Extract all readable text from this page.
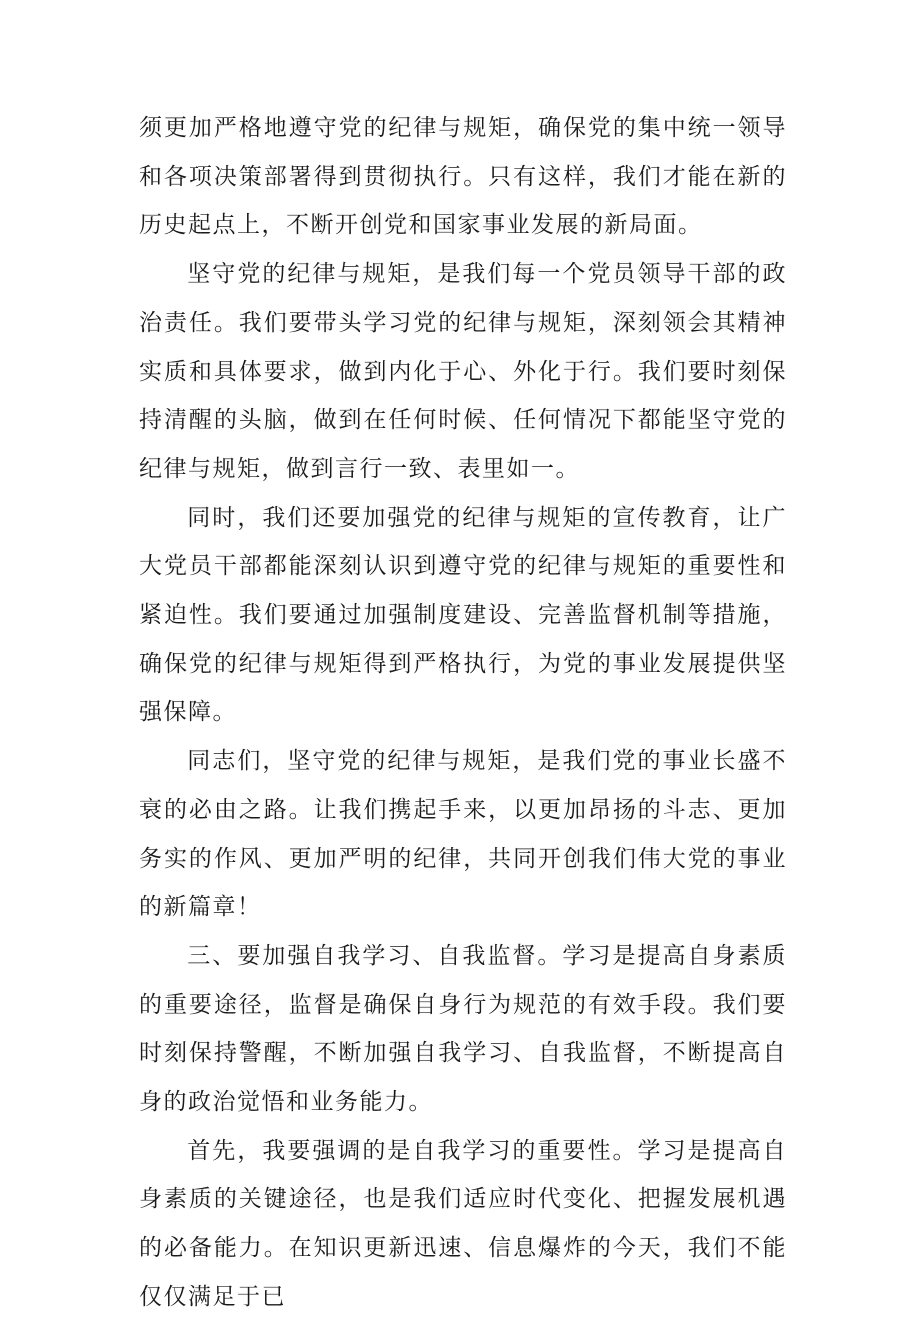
须更加严格地遵守党的纪律与规矩，确保党的集中统一领导和各项决策部署得到贯彻执行。只有这样，我们才能在新的历史起点上，不断开创党和国家事业发展的新局面。

坚守党的纪律与规矩，是我们每一个党员领导干部的政治责任。我们要带头学习党的纪律与规矩，深刻领会其精神实质和具体要求，做到内化于心、外化于行。我们要时刻保持清醒的头脑，做到在任何时候、任何情况下都能坚守党的纪律与规矩，做到言行一致、表里如一。

同时，我们还要加强党的纪律与规矩的宣传教育，让广大党员干部都能深刻认识到遵守党的纪律与规矩的重要性和紧迫性。我们要通过加强制度建设、完善监督机制等措施，确保党的纪律与规矩得到严格执行，为党的事业发展提供坚强保障。

同志们，坚守党的纪律与规矩，是我们党的事业长盛不衰的必由之路。让我们携起手来，以更加昂扬的斗志、更加务实的作风、更加严明的纪律，共同开创我们伟大党的事业的新篇章！

三、要加强自我学习、自我监督。学习是提高自身素质的重要途径，监督是确保自身行为规范的有效手段。我们要时刻保持警醒，不断加强自我学习、自我监督，不断提高自身的政治觉悟和业务能力。

首先，我要强调的是自我学习的重要性。学习是提高自身素质的关键途径，也是我们适应时代变化、把握发展机遇的必备能力。在知识更新迅速、信息爆炸的今天，我们不能仅仅满足于已
